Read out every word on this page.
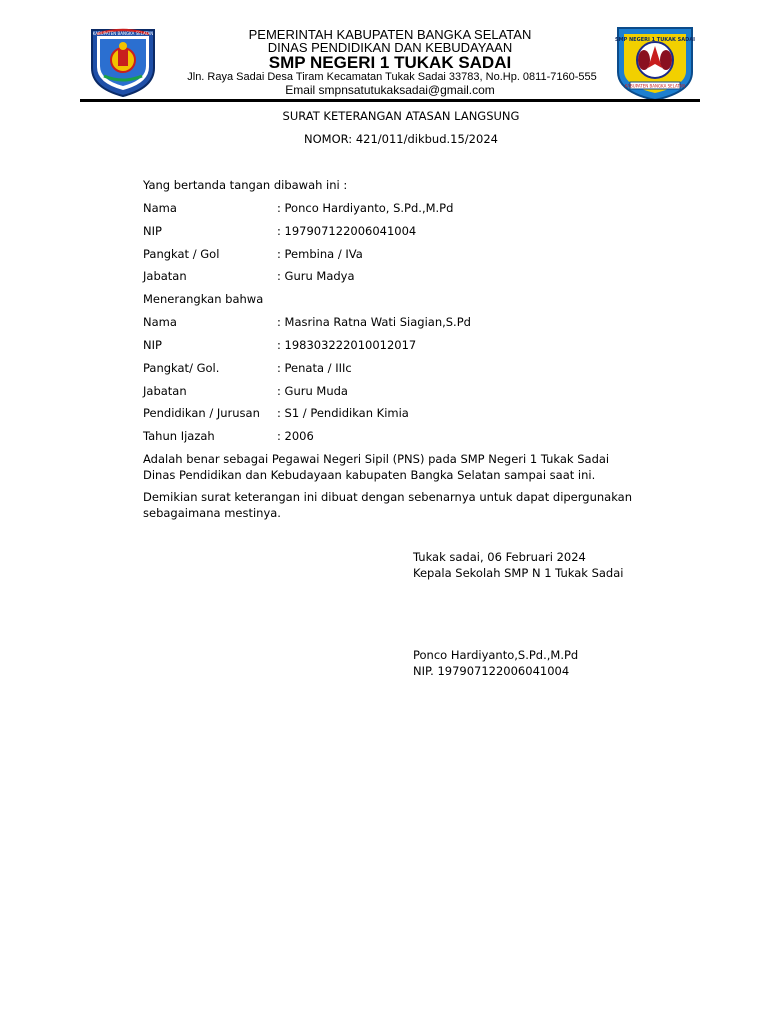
KABUPATEN BANGKA SELATAN
KABUPATEN BANGKA SELATAN
SMP NEGERI 1 TUKAK SADAI
PEMERINTAH KABUPATEN BANGKA SELATAN
DINAS PENDIDIKAN DAN KEBUDAYAAN
SMP NEGERI 1 TUKAK SADAI
Jln. Raya Sadai Desa Tiram Kecamatan Tukak Sadai 33783, No.Hp. 0811-7160-555
Email smpnsatutukaksadai@gmail.com
SURAT KETERANGAN ATASAN LANGSUNG
NOMOR: 421/011/dikbud.15/2024
Yang bertanda tangan dibawah ini :
Nama	: Ponco Hardiyanto, S.Pd.,M.Pd
NIP	: 197907122006041004
Pangkat / Gol	: Pembina / IVa
Jabatan	: Guru Madya
Menerangkan bahwa
Nama	: Masrina Ratna Wati Siagian,S.Pd
NIP	: 198303222010012017
Pangkat/ Gol.	: Penata / IIIc
Jabatan	: Guru Muda
Pendidikan / Jurusan : S1 / Pendidikan Kimia
Tahun Ijazah	: 2006
Adalah benar sebagai Pegawai Negeri Sipil (PNS) pada SMP Negeri 1 Tukak Sadai Dinas Pendidikan dan Kebudayaan kabupaten Bangka Selatan sampai saat ini.
Demikian surat keterangan ini dibuat dengan sebenarnya untuk dapat dipergunakan sebagaimana mestinya.
Tukak sadai, 06 Februari 2024
Kepala Sekolah SMP N 1 Tukak Sadai
Ponco Hardiyanto,S.Pd.,M.Pd
NIP. 197907122006041004
